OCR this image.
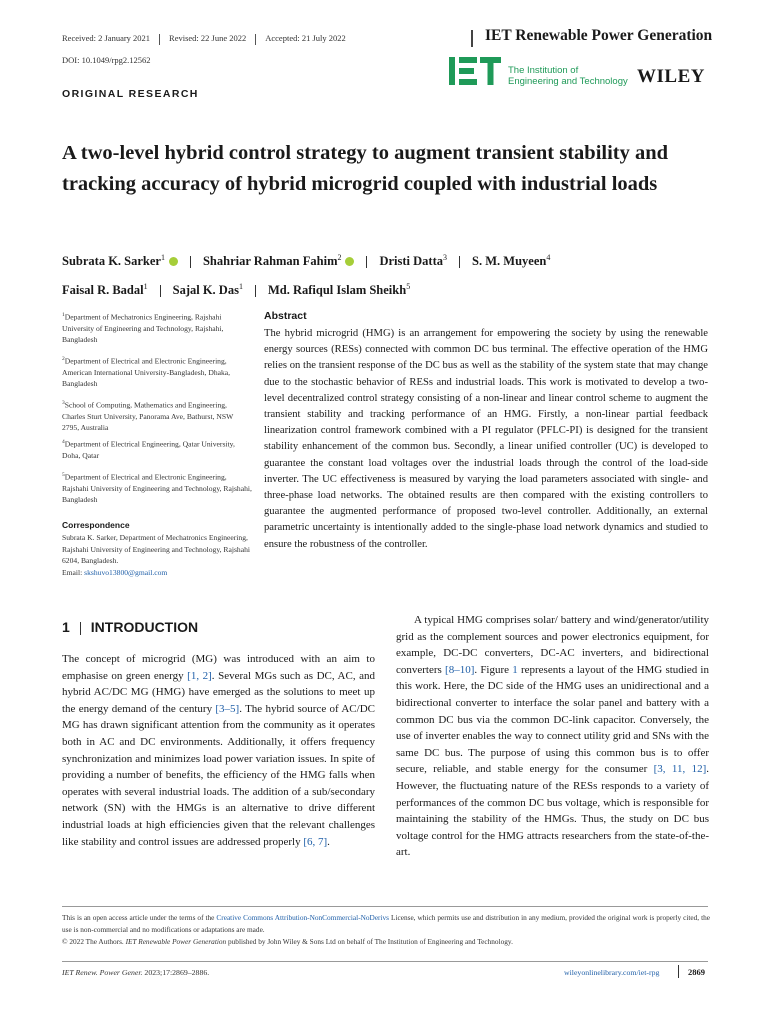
Received: 2 January 2021 Revised: 22 June 2022 Accepted: 21 July 2022
DOI: 10.1049/rpg2.12562
IET Renewable Power Generation
The Institution of
Engineering and Technology WILEY
ORIGINAL RESEARCH
A two-level hybrid control strategy to augment transient stability and tracking accuracy of hybrid microgrid coupled with industrial loads
Subrata K. Sarker$^1$	Shahriar Rahman Fahim$^2$	Dristi Datta$^3$ S. M. Muyeen$^4$
Faisal R. Badal$^1$ Sajal K. Das$^1$ Md. Rafiqul Islam Sheikh$^5$
$^1$Department of Mechatronics Engineering, Rajshahi University of Engineering and Technology, Rajshahi, Bangladesh
$^2$Department of Electrical and Electronic Engineering, American International University-Bangladesh, Dhaka, Bangladesh
$^3$School of Computing, Mathematics and Engineering, Charles Sturt University, Panorama Ave, Bathurst, NSW 2795, Australia
$^4$Department of Electrical Engineering, Qatar University, Doha, Qatar
$^5$Department of Electrical and Electronic Engineering, Rajshahi University of Engineering and Technology, Rajshahi, Bangladesh
Correspondence
Subrata K. Sarker, Department of Mechatronics Engineering, Rajshahi University of Engineering and Technology, Rajshahi 6204, Bangladesh.
Email: skshuvo13800@gmail.com
Abstract
The hybrid microgrid (HMG) is an arrangement for empowering the society by using the renewable energy sources (RESs) connected with common DC bus terminal. The effective operation of the HMG relies on the transient response of the DC bus as well as the stability of the system state that may change due to the stochastic behavior of RESs and industrial loads. This work is motivated to develop a two-level decentralized control strategy consisting of a non-linear and linear control scheme to augment the transient stability and tracking performance of an HMG. Firstly, a non-linear partial feedback linearization control framework combined with a PI regulator (PFLC-PI) is designed for the transient stability enhancement of the common bus. Secondly, a linear unified controller (UC) is developed to guarantee the constant load voltages over the industrial loads through the control of the load-side inverter. The UC effectiveness is measured by varying the load parameters associated with single- and three-phase load networks. The obtained results are then compared with the existing controllers to guarantee the augmented performance of proposed two-level controller. Additionally, an external parametric uncertainty is intentionally added to the single-phase load network dynamics and studied to ensure the robustness of the controller.
1 INTRODUCTION
The concept of microgrid (MG) was introduced with an aim to emphasise on green energy [1, 2]. Several MGs such as DC, AC, and hybrid AC/DC MG (HMG) have emerged as the solutions to meet up the energy demand of the century [3–5]. The hybrid source of AC/DC MG has drawn significant attention from the community as it operates both in AC and DC environments. Additionally, it offers frequency synchronization and minimizes load power variation issues. In spite of providing a number of benefits, the efficiency of the HMG falls when operates with several industrial loads. The addition of a sub/secondary network (SN) with the HMGs is an alternative to drive different industrial loads at high efficiencies given that the relevant challenges like stability and control issues are addressed properly [6, 7].
A typical HMG comprises solar/ battery and wind/generator/utility grid as the complement sources and power electronics equipment, for example, DC-DC converters, DC-AC inverters, and bidirectional converters [8–10]. Figure 1 represents a layout of the HMG studied in this work. Here, the DC side of the HMG uses an unidirectional and a bidirectional converter to interface the solar panel and battery with a common DC bus via the common DC-link capacitor. Conversely, the use of inverter enables the way to connect utility grid and SNs with the same DC bus. The purpose of using this common bus is to offer secure, reliable, and stable energy for the consumer [3, 11, 12]. However, the fluctuating nature of the RESs responds to a variety of performances of the common DC bus voltage, which is responsible for maintaining the stability of the HMGs. Thus, the study on DC bus voltage control for the HMG attracts researchers from the state-of-the-art.
This is an open access article under the terms of the Creative Commons Attribution-NonCommercial-NoDerivs License, which permits use and distribution in any medium, provided the original work is properly cited, the use is non-commercial and no modifications or adaptations are made.
© 2022 The Authors. IET Renewable Power Generation published by John Wiley & Sons Ltd on behalf of The Institution of Engineering and Technology.
IET Renew. Power Gener. 2023;17:2869–2886.	wileyonlinelibrary.com/iet-rpg	2869
